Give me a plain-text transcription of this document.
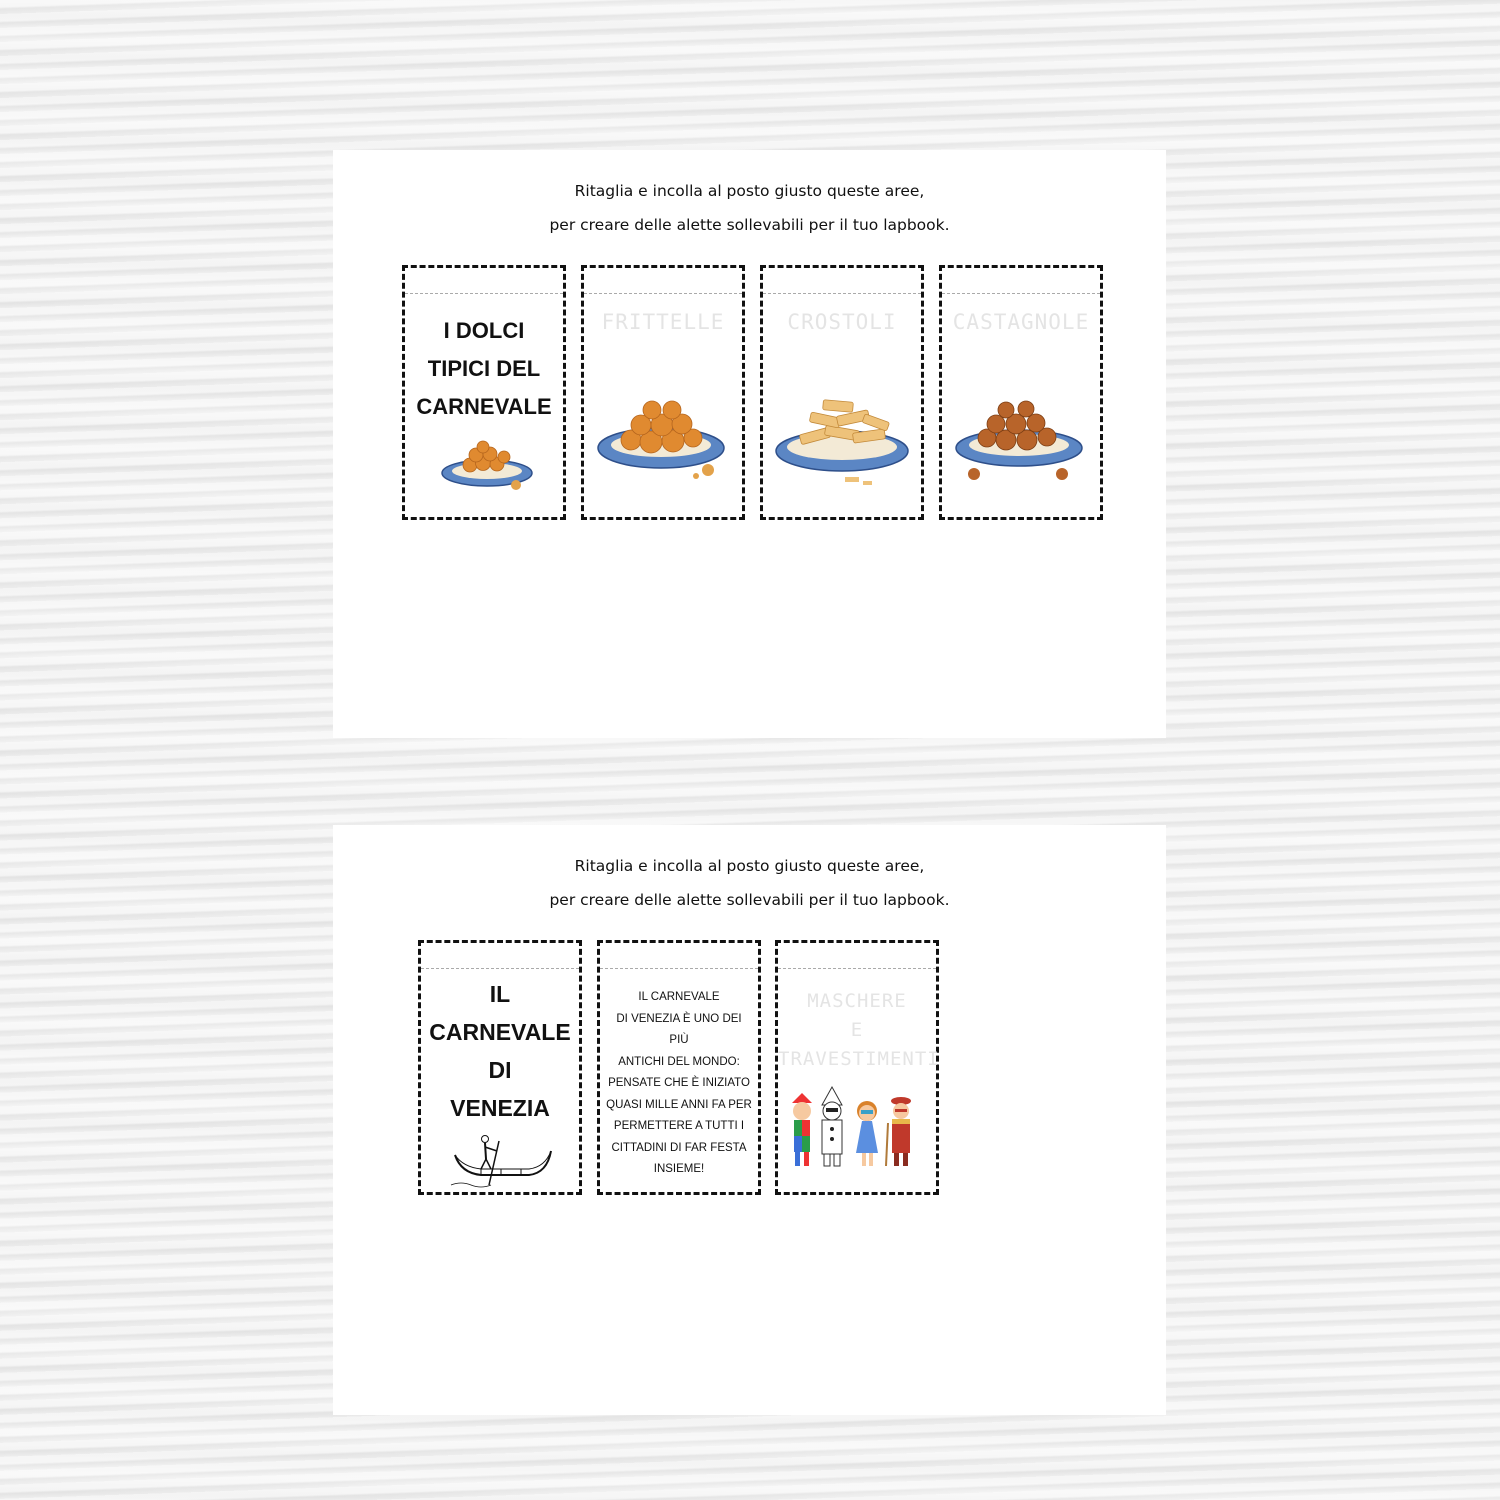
Ritaglia e incolla al posto giusto queste aree,
per creare delle alette sollevabili per il tuo lapbook.
I DOLCI
TIPICI DEL
CARNEVALE
FRITTELLE	CROSTOLI	CASTAGNOLE
Ritaglia e incolla al posto giusto queste aree,
per creare delle alette sollevabili per il tuo lapbook.
IL
CARNEVALE
DI
VENEZIA
IL CARNEVALE
DI VENEZIA È UNO DEI PIÙ
ANTICHI DEL MONDO:
PENSATE CHE È INIZIATO
QUASI MILLE ANNI FA PER
PERMETTERE A TUTTI I
CITTADINI DI FAR FESTA
INSIEME!
MASCHERE
E
TRAVESTIMENTI
